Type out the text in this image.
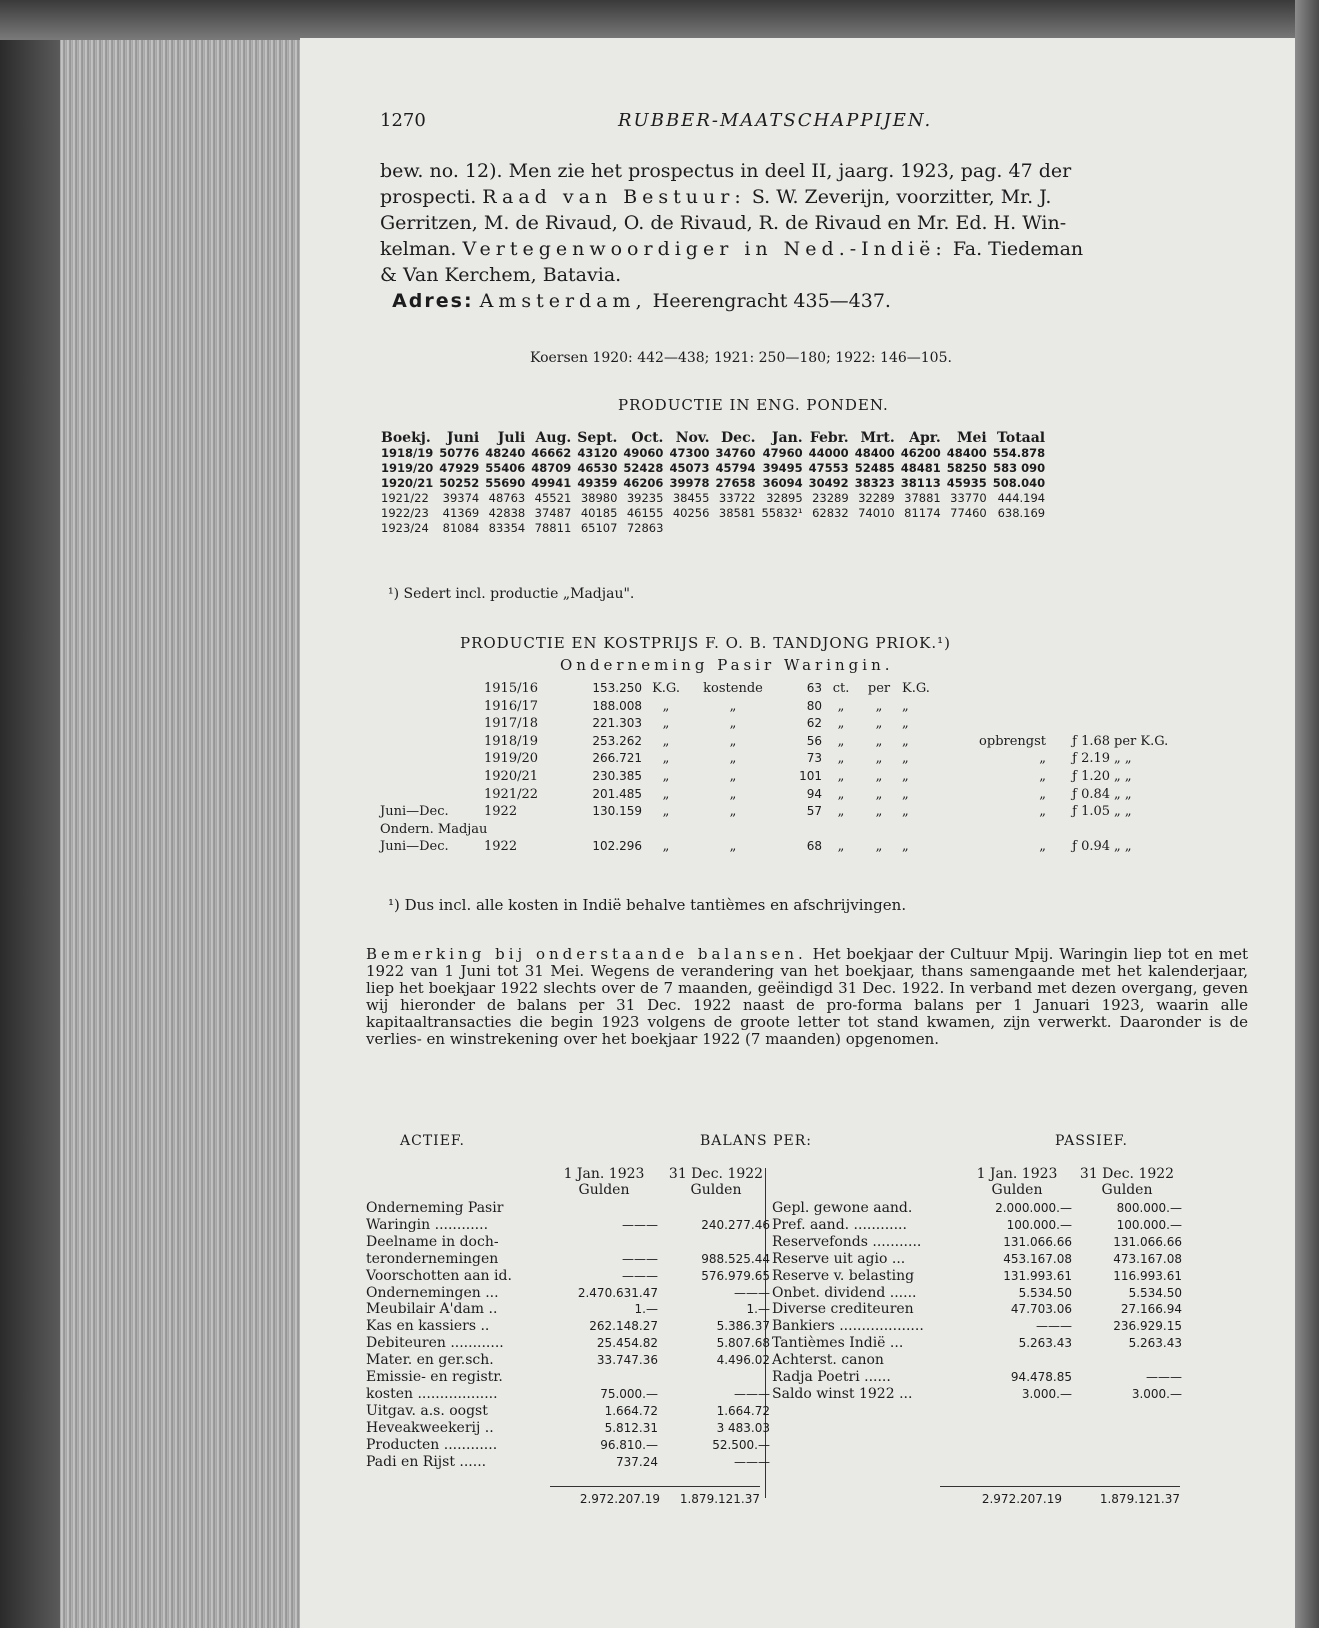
1270	RUBBER-MAATSCHAPPIJEN.

bew. no. 12). Men zie het prospectus in deel II, jaarg. 1923, pag. 47 der

prospecti. Raad van Bestuur: S. W. Zeverijn, voorzitter, Mr. J.

Gerritzen, M. de Rivaud, O. de Rivaud, R. de Rivaud en Mr. Ed. H. Win-

kelman. Vertegenwoordiger in Ned.-Indië: Fa. Tiedeman

& Van Kerchem, Batavia.

Adres: Amsterdam, Heerengracht 435—437.

Koersen 1920: 442—438; 1921: 250—180; 1922: 146—105.
PRODUCTIE IN ENG. PONDEN.
Boekj.	Juni	Juli	Aug.	Sept.	Oct.	Nov.	Dec.	Jan.	Febr.	Mrt.	Apr.	Mei	Totaal
1918/19	50776	48240	46662	43120	49060	47300	34760	47960	44000	48400	46200	48400	554.878
1919/20	47929	55406	48709	46530	52428	45073	45794	39495	47553	52485	48481	58250	583 090
1920/21	50252	55690	49941	49359	46206	39978	27658	36094	30492	38323	38113	45935	508.040
1921/22	39374	48763	45521	38980	39235	38455	33722	32895	23289	32289	37881	33770	444.194
1922/23	41369	42838	37487	40185	46155	40256	38581	55832¹	62832	74010	81174	77460	638.169
1923/24	81084	83354	78811	65107	72863								
¹) Sedert incl. productie „Madjau".
PRODUCTIE EN KOSTPRIJS F. O. B. TANDJONG PRIOK.¹)
Onderneming Pasir Waringin.
	1915/16	153.250	K.G.	kostende	63	ct.	per	K.G.			
	1916/17	188.008	„	„	80	„	„	„			
	1917/18	221.303	„	„	62	„	„	„			
	1918/19	253.262	„	„	56	„	„	„	opbrengst	ƒ 1.68	per K.G.
	1919/20	266.721	„	„	73	„	„	„	„	ƒ 2.19	„ „
	1920/21	230.385	„	„	101	„	„	„	„	ƒ 1.20	„ „
	1921/22	201.485	„	„	94	„	„	„	„	ƒ 0.84	„ „
Juni—Dec.	1922	130.159	„	„	57	„	„	„	„	ƒ 1.05	„ „
Ondern. Madjau											
Juni—Dec.	1922	102.296	„	„	68	„	„	„	„	ƒ 0.94	„ „
¹) Dus incl. alle kosten in Indië behalve tantièmes en afschrijvingen.
Bemerking bij onderstaande balansen. Het boekjaar der Cultuur Mpij. Waringin liep tot en met 1922 van 1 Juni tot 31 Mei. Wegens de verandering van het boekjaar, thans samengaande met het kalenderjaar, liep het boekjaar 1922 slechts over de 7 maanden, geëindigd 31 Dec. 1922. In verband met dezen overgang, geven wij hieronder de balans per 31 Dec. 1922 naast de pro-forma balans per 1 Januari 1923, waarin alle kapitaaltransacties die begin 1923 volgens de groote letter tot stand kwamen, zijn verwerkt. Daaronder is de verlies- en winstrekening over het boekjaar 1922 (7 maanden) opgenomen.
ACTIEF.	BALANS PER:	PASSIEF.
1 Jan. 1923
Gulden
31 Dec. 1922
Gulden
1 Jan. 1923
Gulden
31 Dec. 1922
Gulden
Onderneming Pasir		
Waringin ............	———	240.277.46
Deelname in doch-		
terondernemingen	———	988.525.44
Voorschotten aan id.	———	576.979.65
Ondernemingen ...	2.470.631.47	———
Meubilair A'dam ..	1.—	1.—
Kas en kassiers ..	262.148.27	5.386.37
Debiteuren ............	25.454.82	5.807.68
Mater. en ger.sch.	33.747.36	4.496.02
Emissie- en registr.		
kosten ..................	75.000.—	———
Uitgav. a.s. oogst	1.664.72	1.664.72
Heveakweekerij ..	5.812.31	3 483.03
Producten ............	96.810.—	52.500.—
Padi en Rijst ......	737.24	———
Gepl. gewone aand.	2.000.000.—	800.000.—
Pref. aand. ............	100.000.—	100.000.—
Reservefonds ...........	131.066.66	131.066.66
Reserve uit agio ...	453.167.08	473.167.08
Reserve v. belasting	131.993.61	116.993.61
Onbet. dividend ......	5.534.50	5.534.50
Diverse crediteuren	47.703.06	27.166.94
Bankiers ...................	———	236.929.15
Tantièmes Indië ...	5.263.43	5.263.43
Achterst. canon		
Radja Poetri ......	94.478.85	———
Saldo winst 1922 ...	3.000.—	3.000.—
2.972.207.19	1.879.121.37	2.972.207.19	1.879.121.37
